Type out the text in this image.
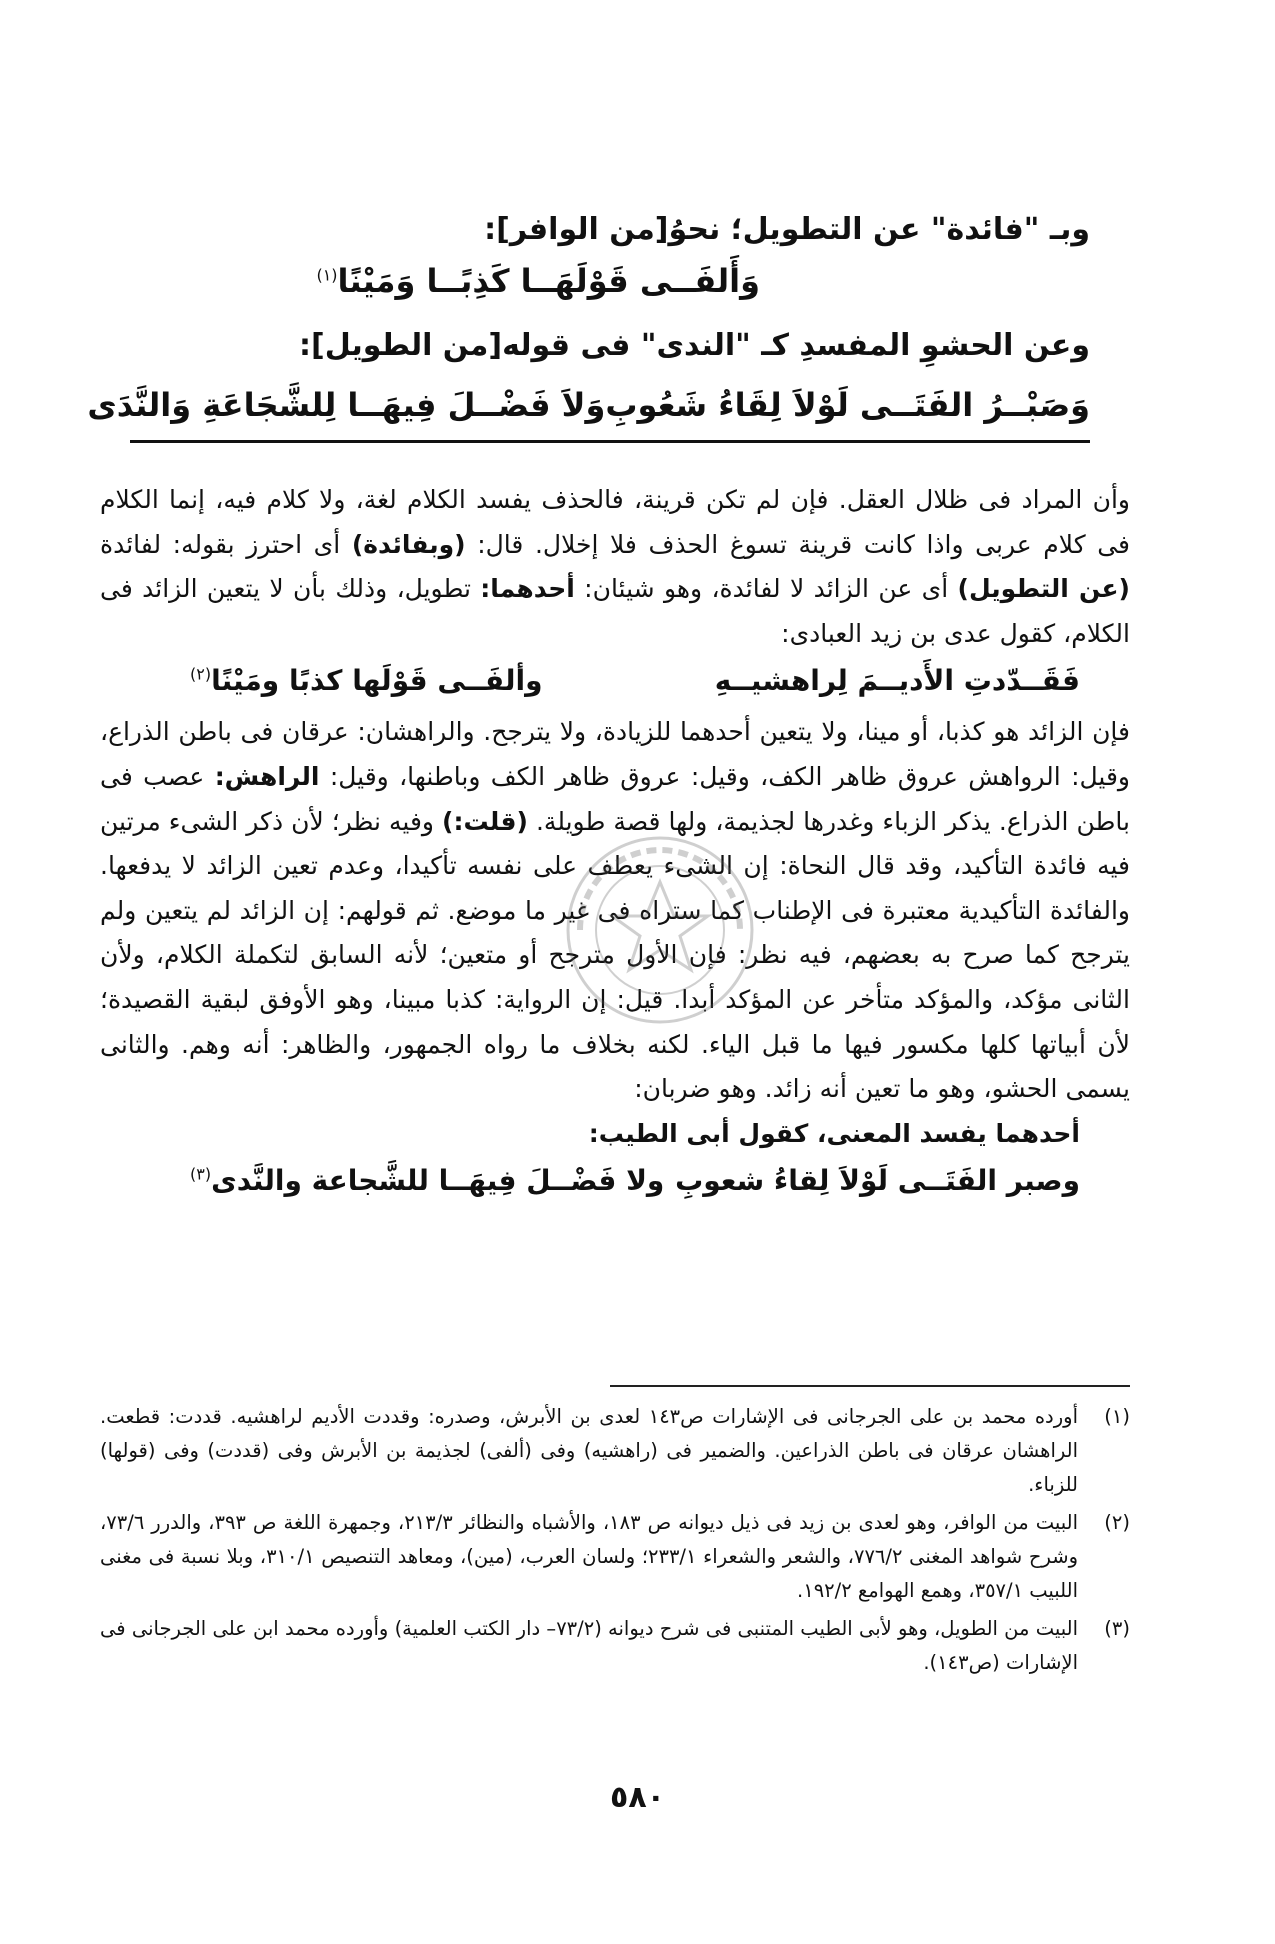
وبـ "فائدة" عن التطويل؛ نحوُ[من الوافر]:
وَأَلفَــى قَوْلَهَــا كَذِبًــا وَمَيْنًا$^{(١)}$
وعن الحشوِ المفسدِ كـ "الندى" فى قوله[من الطويل]:
وَصَبْــرُ الفَتَــى لَوْلاَ لِقَاءُ شَعُوبِ
وَلاَ فَضْــلَ فِيهَــا لِلشَّجَاعَةِ وَالنَّدَى
وأن المراد فى ظلال العقل. فإن لم تكن قرينة، فالحذف يفسد الكلام لغة، ولا كلام فيه، إنما الكلام فى كلام عربى واذا كانت قرينة تسوغ الحذف فلا إخلال. قال: (وبفائدة) أى احترز بقوله: لفائدة (عن التطويل) أى عن الزائد لا لفائدة، وهو شيئان: أحدهما: تطويل، وذلك بأن لا يتعين الزائد فى الكلام، كقول عدى بن زيد العبادى:
فَقَــدّدتِ الأَديــمَ لِراهشيــهِ
وألفَــى قَوْلَها كذبًا ومَيْنًا$^{(٢)}$
فإن الزائد هو كذبا، أو مينا، ولا يتعين أحدهما للزيادة، ولا يترجح. والراهشان: عرقان فى باطن الذراع، وقيل: الرواهش عروق ظاهر الكف، وقيل: عروق ظاهر الكف وباطنها، وقيل: الراهش: عصب فى باطن الذراع. يذكر الزباء وغدرها لجذيمة، ولها قصة طويلة. (قلت:) وفيه نظر؛ لأن ذكر الشىء مرتين فيه فائدة التأكيد، وقد قال النحاة: إن الشىء يعطف على نفسه تأكيدا، وعدم تعين الزائد لا يدفعها. والفائدة التأكيدية معتبرة فى الإطناب كما ستراه فى غير ما موضع. ثم قولهم: إن الزائد لم يتعين ولم يترجح كما صرح به بعضهم، فيه نظر: فإن الأول مترجح أو متعين؛ لأنه السابق لتكملة الكلام، ولأن الثانى مؤكد، والمؤكد متأخر عن المؤكد أبدا. قيل: إن الرواية: كذبا مبينا، وهو الأوفق لبقية القصيدة؛ لأن أبياتها كلها مكسور فيها ما قبل الياء. لكنه بخلاف ما رواه الجمهور، والظاهر: أنه وهم. والثانى يسمى الحشو، وهو ما تعين أنه زائد. وهو ضربان:
أحدهما يفسد المعنى، كقول أبى الطيب:
وصبر الفَتَــى لَوْلاَ لِقاءُ شعوبِ
ولا فَضْــلَ فِيهَــا للشَّجاعة والنَّدى$^{(٣)}$
(١)
أورده محمد بن على الجرجانى فى الإشارات ص١٤٣ لعدى بن الأبرش، وصدره: وقددت الأديم لراهشيه. قددت: قطعت. الراهشان عرقان فى باطن الذراعين. والضمير فى (راهشيه) وفى (ألفى) لجذيمة بن الأبرش وفى (قددت) وفى (قولها) للزباء.
(٢)
البيت من الوافر، وهو لعدى بن زيد فى ذيل ديوانه ص ١٨٣، والأشباه والنظائر ٢١٣/٣، وجمهرة اللغة ص ٣٩٣، والدرر ٧٣/٦، وشرح شواهد المغنى ٧٧٦/٢، والشعر والشعراء ٢٣٣/١؛ ولسان العرب، (مين)، ومعاهد التنصيص ٣١٠/١، وبلا نسبة فى مغنى اللبيب ٣٥٧/١، وهمع الهوامع ١٩٢/٢.
(٣)
البيت من الطويل، وهو لأبى الطيب المتنبى فى شرح ديوانه (٧٣/٢– دار الكتب العلمية) وأورده محمد ابن على الجرجانى فى الإشارات (ص١٤٣).
٥٨٠
